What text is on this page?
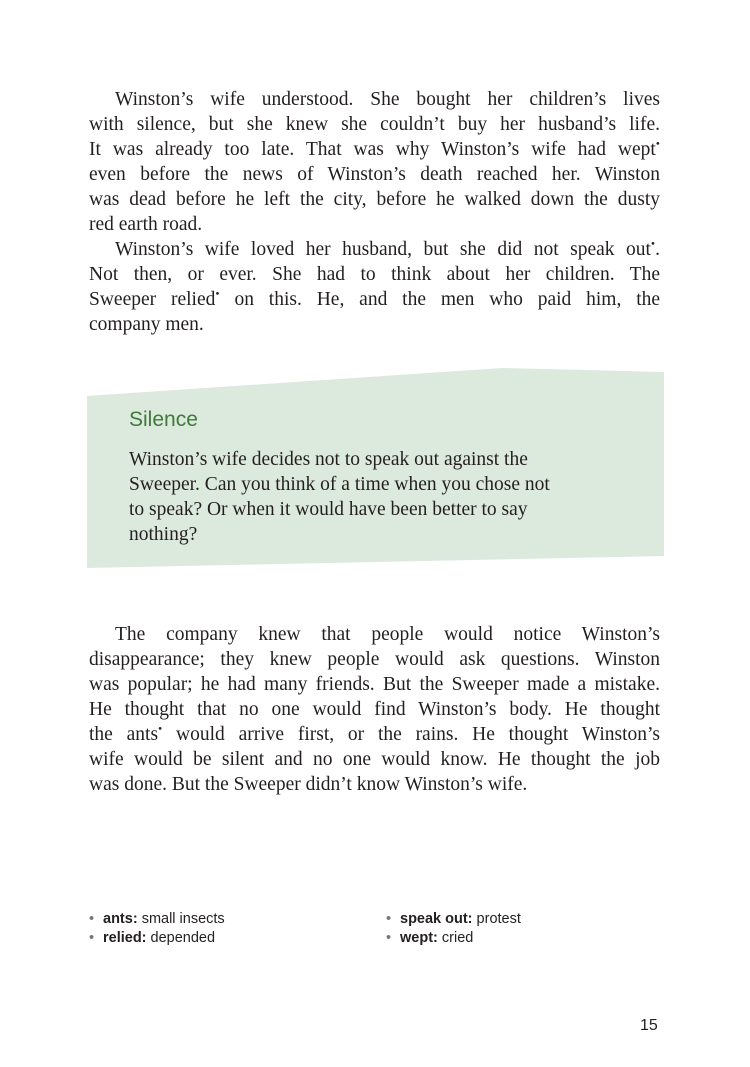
Winston’s wife understood. She bought her children’s lives
with silence, but she knew she couldn’t buy her husband’s life.
It was already too late. That was why Winston’s wife had wept•
even before the news of Winston’s death reached her. Winston
was dead before he left the city, before he walked down the dusty
red earth road.

Winston’s wife loved her husband, but she did not speak out•.
Not then, or ever. She had to think about her children. The
Sweeper relied• on this. He, and the men who paid him, the
company men.

Silence

Winston’s wife decides not to speak out against the
Sweeper. Can you think of a time when you chose not
to speak? Or when it would have been better to say
nothing?

The company knew that people would notice Winston’s
disappearance; they knew people would ask questions. Winston
was popular; he had many friends. But the Sweeper made a mistake.
He thought that no one would find Winston’s body. He thought
the ants• would arrive first, or the rains. He thought Winston’s
wife would be silent and no one would know. He thought the job
was done. But the Sweeper didn’t know Winston’s wife.

• ants: small insects
• relied: depended
• speak out: protest
• wept: cried
15
